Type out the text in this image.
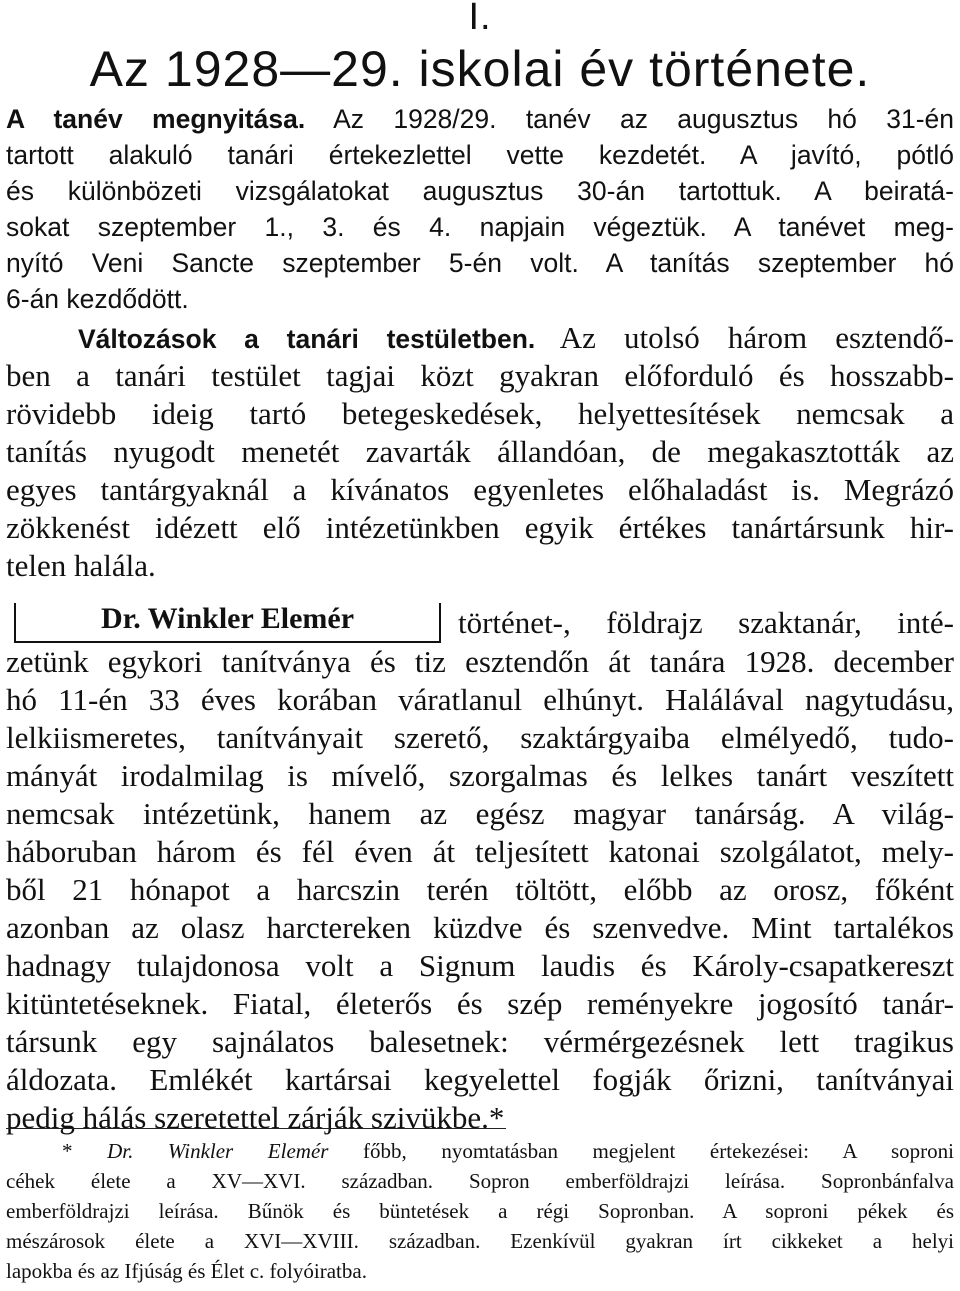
I.
Az 1928—29. iskolai év története.
A tanév megnyitása. Az 1928/29. tanév az augusztus hó 31-én
tartott alakuló tanári értekezlettel vette kezdetét. A javító, pótló
és különbözeti vizsgálatokat augusztus 30-án tartottuk. A beiratá-
sokat szeptember 1., 3. és 4. napjain végeztük. A tanévet meg-
nyító Veni Sancte szeptember 5-én volt. A tanítás szeptember hó
6-án kezdődött.
Változások a tanári testületben. Az utolsó három esztendő-
ben a tanári testület tagjai közt gyakran előforduló és hosszabb-
rövidebb ideig tartó betegeskedések, helyettesítések nemcsak a
tanítás nyugodt menetét zavarták állandóan, de megakasztották az
egyes tantárgyaknál a kívánatos egyenletes előhaladást is. Megrázó
zökkenést idézett elő intézetünkben egyik értékes tanártársunk hir-
telen halála.
Dr. Winkler Elemér	történet-, földrajz szaktanár, inté-
zetünk egykori tanítványa és tiz esztendőn át tanára 1928. december
hó 11-én 33 éves korában váratlanul elhúnyt. Halálával nagytudásu,
lelkiismeretes, tanítványait szerető, szaktárgyaiba elmélyedő, tudo-
mányát irodalmilag is mívelő, szorgalmas és lelkes tanárt veszített
nemcsak intézetünk, hanem az egész magyar tanárság. A világ-
háboruban három és fél éven át teljesített katonai szolgálatot, mely-
ből 21 hónapot a harcszin terén töltött, előbb az orosz, főként
azonban az olasz harctereken küzdve és szenvedve. Mint tartalékos
hadnagy tulajdonosa volt a Signum laudis és Károly-csapatkereszt
kitüntetéseknek. Fiatal, életerős és szép reményekre jogosító tanár-
társunk egy sajnálatos balesetnek: vérmérgezésnek lett tragikus
áldozata. Emlékét kartársai kegyelettel fogják őrizni, tanítványai
pedig hálás szeretettel zárják szivükbe.*
* Dr. Winkler Elemér főbb, nyomtatásban megjelent értekezései: A soproni
céhek élete a XV—XVI. században. Sopron emberföldrajzi leírása. Sopronbánfalva
emberföldrajzi leírása. Bűnök és büntetések a régi Sopronban. A soproni pékek és
mészárosok élete a XVI—XVIII. században. Ezenkívül gyakran írt cikkeket a helyi
lapokba és az Ifjúság és Élet c. folyóiratba.
